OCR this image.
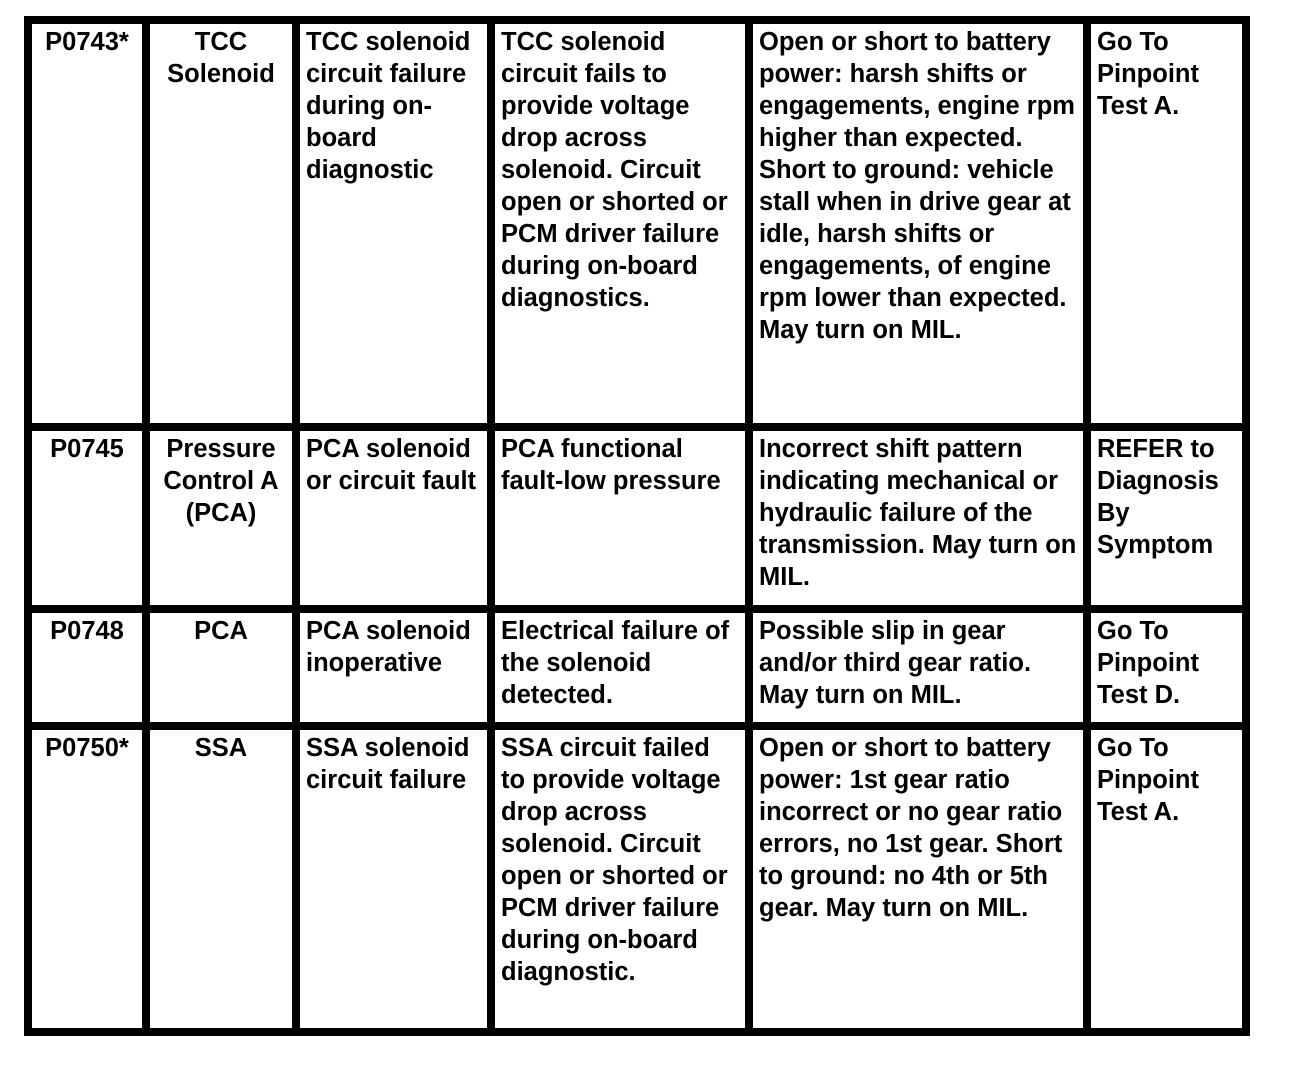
P0743*	TCC Solenoid	TCC solenoid circuit failure during on-board diagnostic	TCC solenoid circuit fails to provide voltage drop across solenoid. Circuit open or shorted or PCM driver failure during on-board diagnostics.	Open or short to battery power: harsh shifts or engagements, engine rpm higher than expected. Short to ground: vehicle stall when in drive gear at idle, harsh shifts or engagements, of engine rpm lower than expected. May turn on MIL.	Go To Pinpoint Test A.
P0745	Pressure Control A (PCA)	PCA solenoid or circuit fault	PCA functional fault-low pressure	Incorrect shift pattern indicating mechanical or hydraulic failure of the transmission. May turn on MIL.	REFER to Diagnosis By Symptom
P0748	PCA	PCA solenoid inoperative	Electrical failure of the solenoid detected.	Possible slip in gear and/or third gear ratio. May turn on MIL.	Go To Pinpoint Test D.
P0750*	SSA	SSA solenoid circuit failure	SSA circuit failed to provide voltage drop across solenoid. Circuit open or shorted or PCM driver failure during on-board diagnostic.	Open or short to battery power: 1st gear ratio incorrect or no gear ratio errors, no 1st gear. Short to ground: no 4th or 5th gear. May turn on MIL.	Go To Pinpoint Test A.
